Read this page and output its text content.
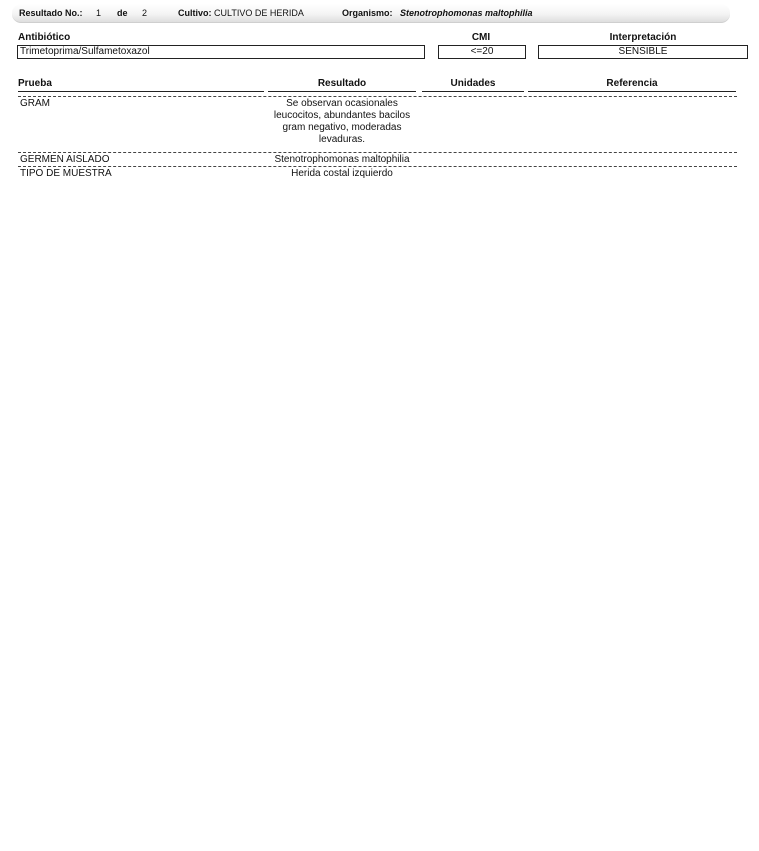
Resultado No.: 1 de 2	Cultivo: CULTIVO DE HERIDA	Organismo: Stenotrophomonas maltophilia
Antibiótico	CMI	Interpretación
Trimetoprima/Sulfametoxazol	<=20	SENSIBLE
Prueba	Resultado	Unidades	Referencia
GRAM	Se observan ocasionales leucocitos, abundantes bacilos gram negativo, moderadas levaduras.
GERMEN AISLADO	Stenotrophomonas maltophilia
TIPO DE MUESTRA	Herida costal izquierdo
